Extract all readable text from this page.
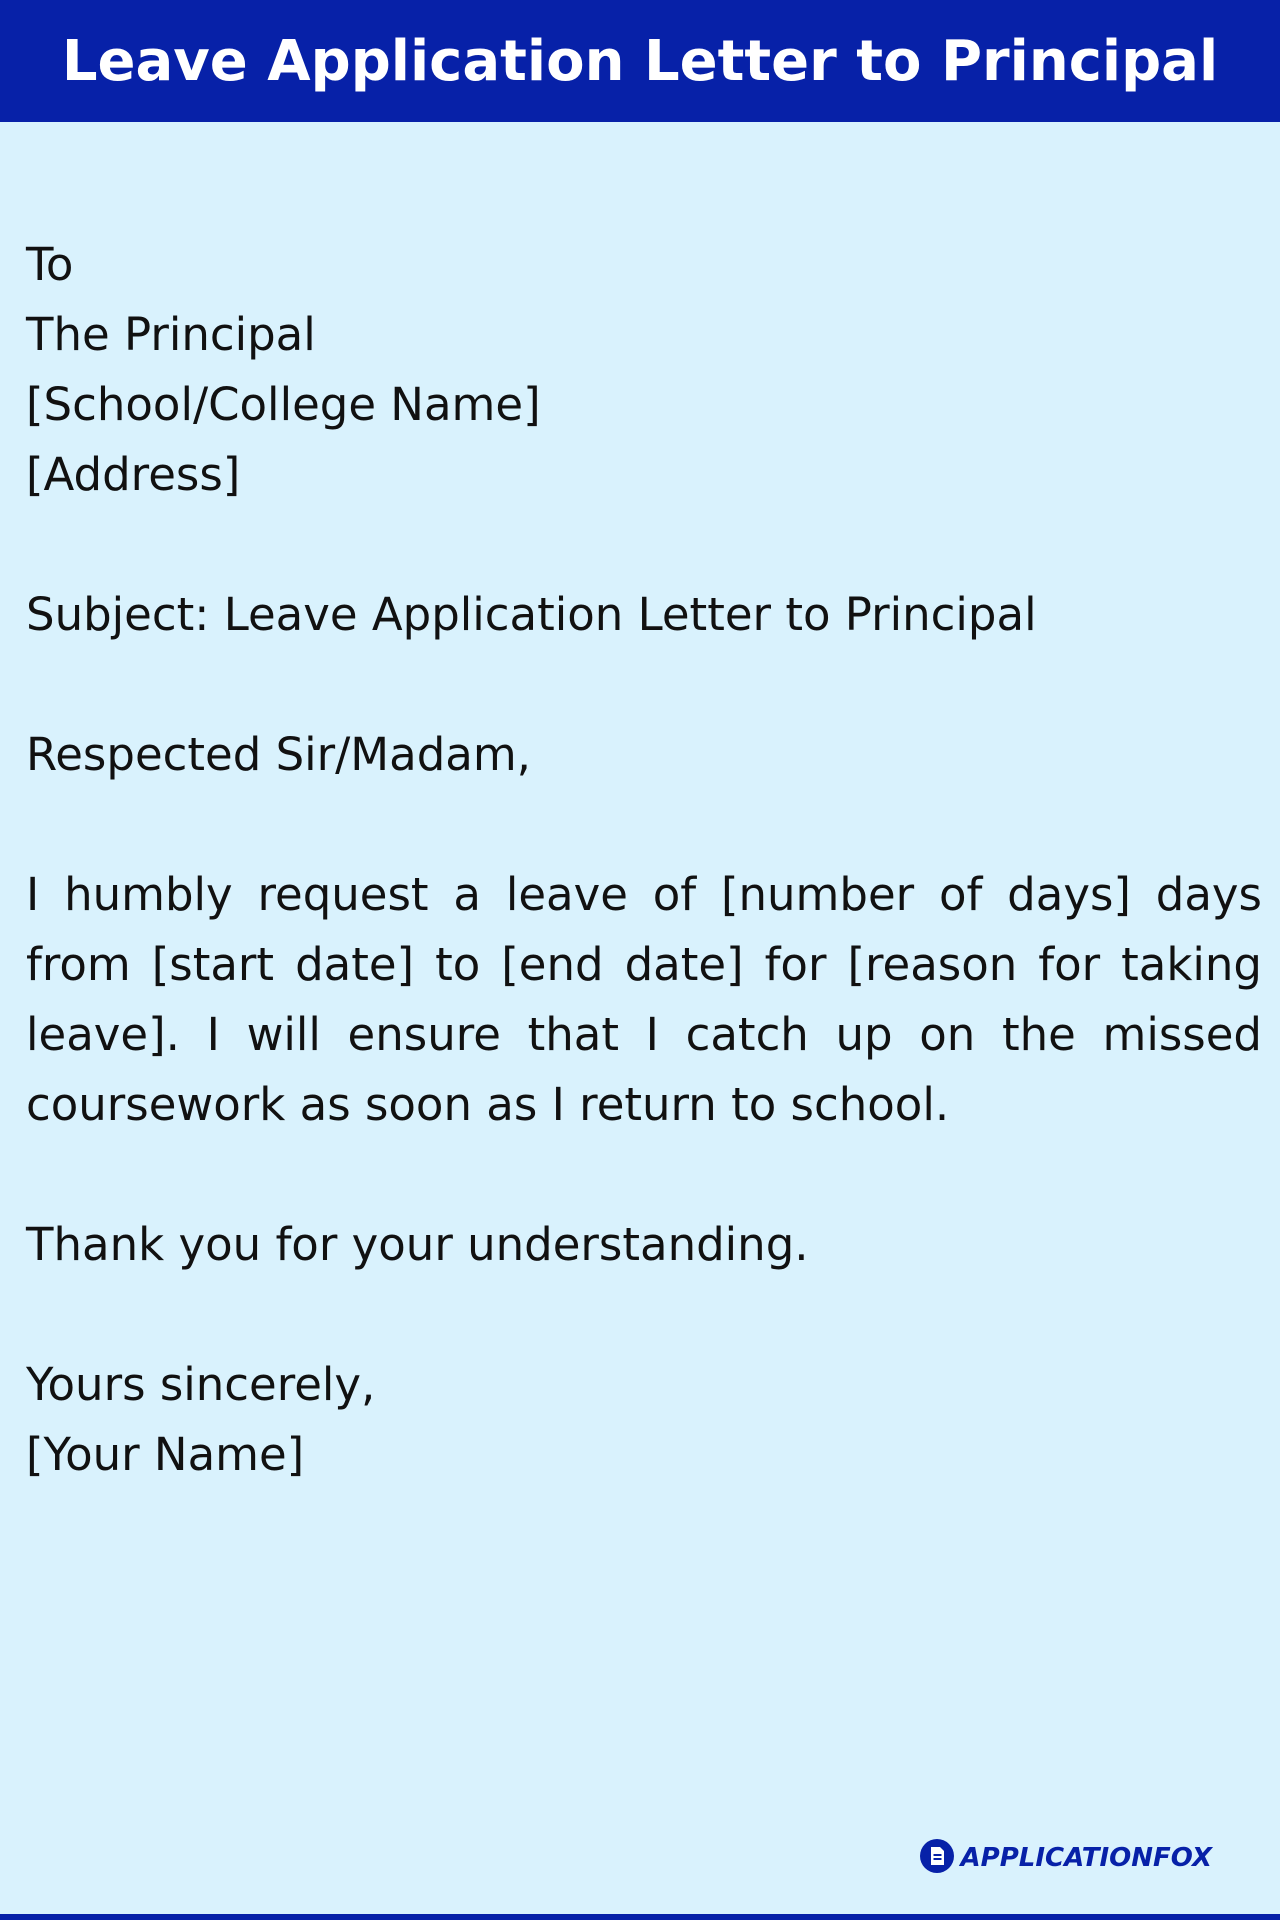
Leave Application Letter to Principal

To

The Principal

[School/College Name]

[Address]

Subject: Leave Application Letter to Principal

Respected Sir/Madam,

I humbly request a leave of [number of days] days from [start date] to [end date] for [reason for taking leave]. I will ensure that I catch up on the missed coursework as soon as I return to school.

Thank you for your understanding.

Yours sincerely,

[Your Name]

APPLICATIONFOX
